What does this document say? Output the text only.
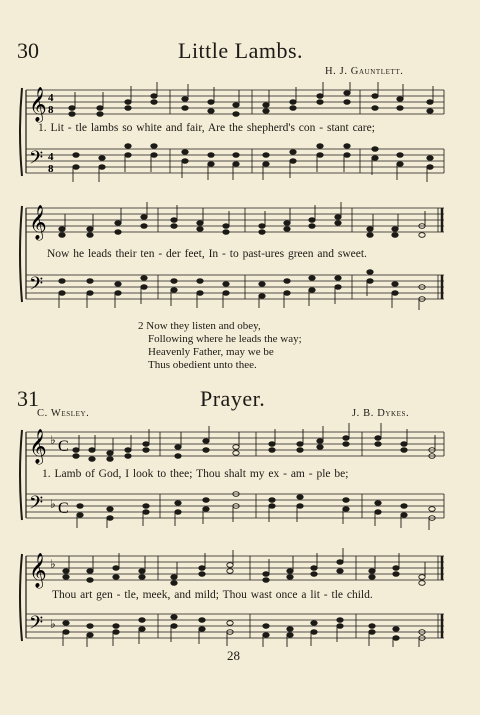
30	Little Lambs.
H. J. Gauntlett.
𝄞
𝄢
4
8
4
8
1. Lit - tle lambs so white and fair, Are the shepherd's con - stant care;
𝄞
𝄢
Now he leads their ten - der feet, In - to past-ures green and sweet.
2 Now they listen and obey,
Following where he leads the way;
Heavenly Father, may we be
Thus obedient unto thee.
31	Prayer.
C. Wesley.	J. B. Dykes.
𝄞
𝄢
♭
♭
C
C
1. Lamb of God, I look to thee; Thou shalt my ex - am - ple be;
𝄞
𝄢
♭
♭
Thou art gen - tle, meek, and mild; Thou wast once a lit - tle child.
28
